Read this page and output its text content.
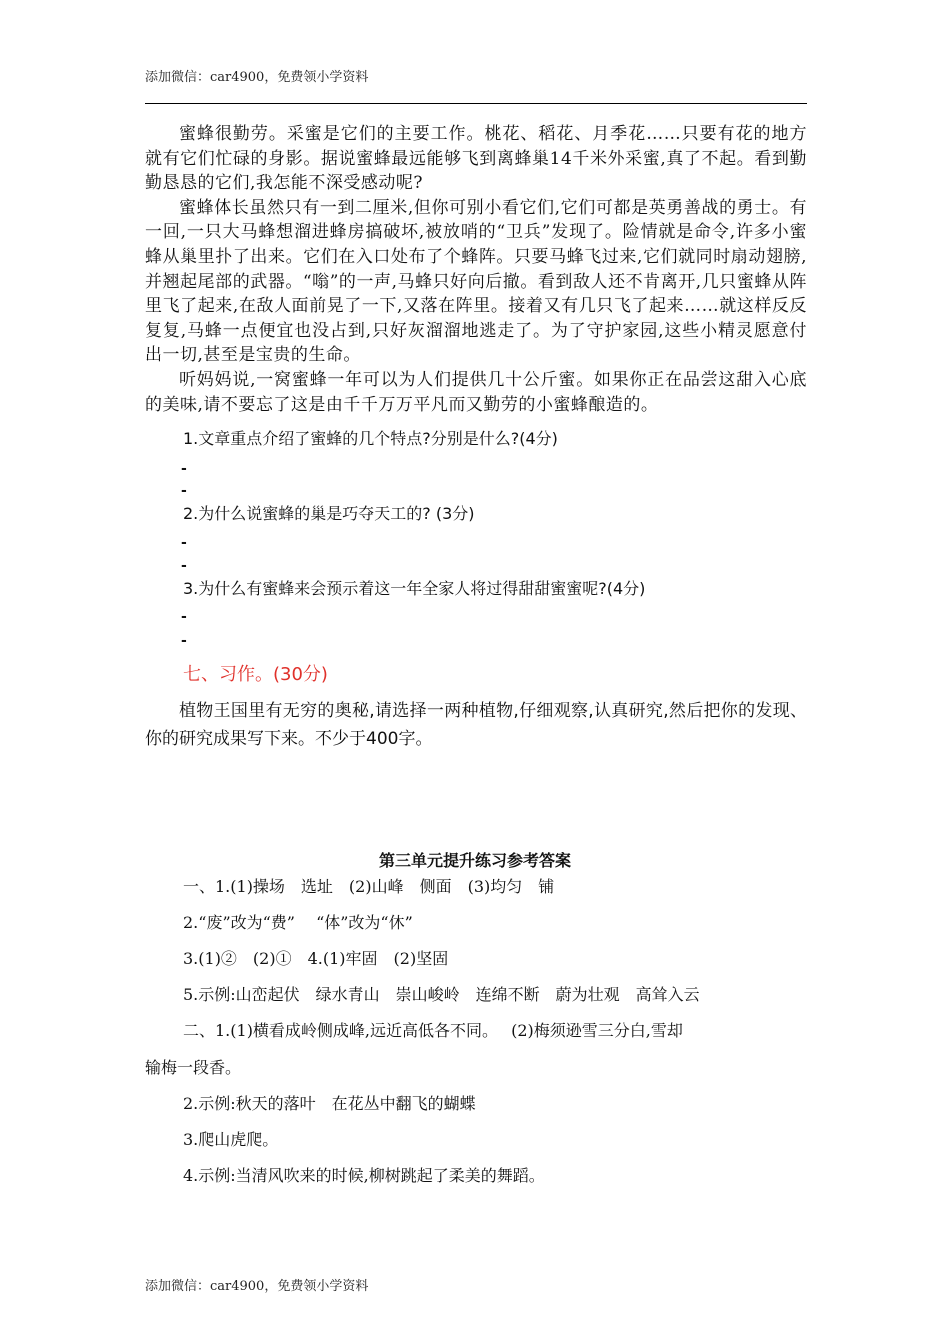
添加微信：car4900，免费领小学资料

蜜蜂很勤劳。采蜜是它们的主要工作。桃花、稻花、月季花……只要有花的地方就有它们忙碌的身影。据说蜜蜂最远能够飞到离蜂巢14千米外采蜜,真了不起。看到勤勤恳恳的它们,我怎能不深受感动呢?

蜜蜂体长虽然只有一到二厘米,但你可别小看它们,它们可都是英勇善战的勇士。有一回,一只大马蜂想溜进蜂房搞破坏,被放哨的“卫兵”发现了。险情就是命令,许多小蜜蜂从巢里扑了出来。它们在入口处布了个蜂阵。只要马蜂飞过来,它们就同时扇动翅膀,并翘起尾部的武器。“嗡”的一声,马蜂只好向后撤。看到敌人还不肯离开,几只蜜蜂从阵里飞了起来,在敌人面前晃了一下,又落在阵里。接着又有几只飞了起来……就这样反反复复,马蜂一点便宜也没占到,只好灰溜溜地逃走了。为了守护家园,这些小精灵愿意付出一切,甚至是宝贵的生命。

听妈妈说,一窝蜜蜂一年可以为人们提供几十公斤蜜。如果你正在品尝这甜入心底的美味,请不要忘了这是由千千万万平凡而又勤劳的小蜜蜂酿造的。

1.文章重点介绍了蜜蜂的几个特点?分别是什么?(4分)
-
-
2.为什么说蜜蜂的巢是巧夺天工的? (3分)
-
-
3.为什么有蜜蜂来会预示着这一年全家人将过得甜甜蜜蜜呢?(4分)
-
-
七、习作。(30分)

植物王国里有无穷的奥秘,请选择一两种植物,仔细观察,认真研究,然后把你的发现、你的研究成果写下来。不少于400字。

第三单元提升练习参考答案
一、1.(1)操场　选址　(2)山峰　侧面　(3)均匀　铺
2.“废”改为“费”　 “体”改为“休”
3.(1)②　(2)①　4.(1)牢固　(2)坚固
5.示例:山峦起伏　绿水青山　崇山峻岭　连绵不断　蔚为壮观　高耸入云
二、1.(1)横看成岭侧成峰,远近高低各不同。　 (2)梅须逊雪三分白,雪却
输梅一段香。
2.示例:秋天的落叶　在花丛中翻飞的蝴蝶
3.爬山虎爬。
4.示例:当清风吹来的时候,柳树跳起了柔美的舞蹈。
添加微信：car4900，免费领小学资料
